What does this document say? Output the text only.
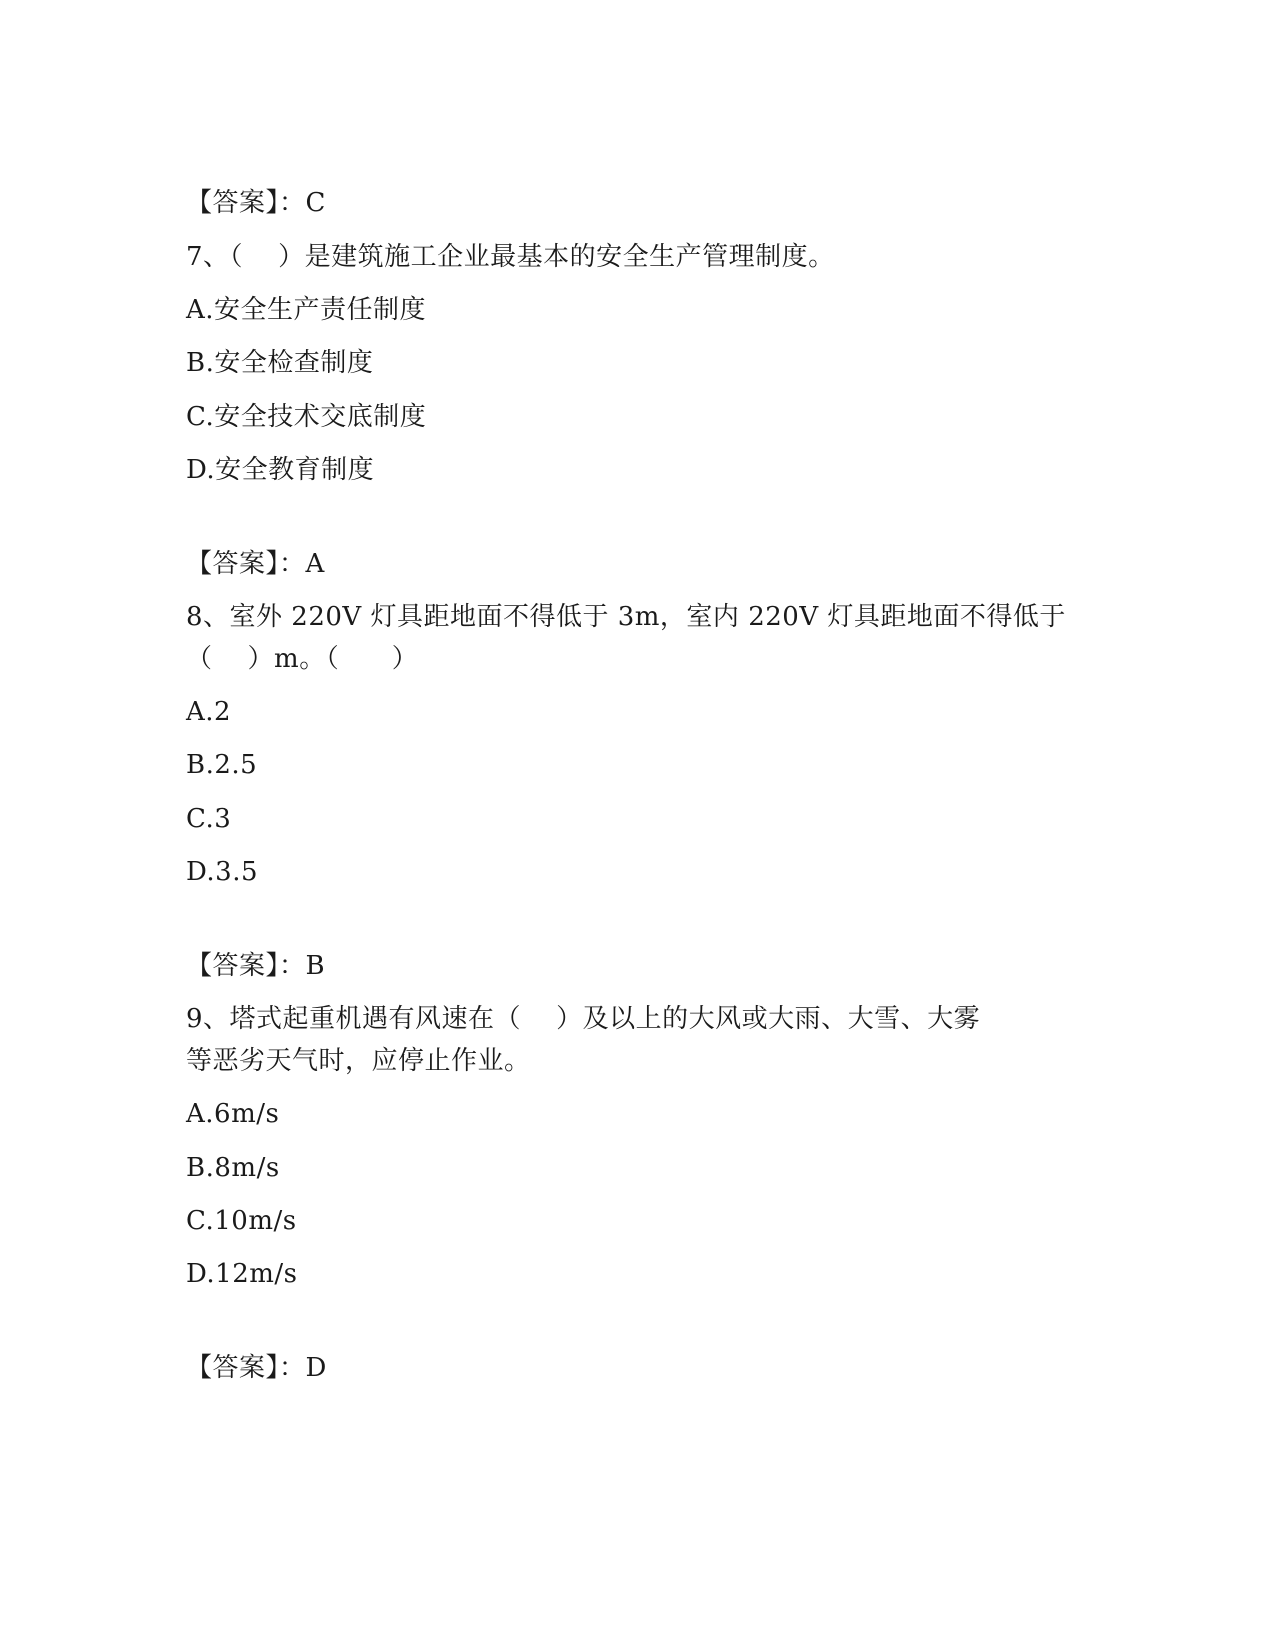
【答案】：C
7、（    ）是建筑施工企业最基本的安全生产管理制度。
A.安全生产责任制度
B.安全检查制度
C.安全技术交底制度
D.安全教育制度
【答案】：A
8、室外 220V 灯具距地面不得低于 3m，室内 220V 灯具距地面不得低于
（    ）m。（      ）
A.2
B.2.5
C.3
D.3.5
【答案】：B
9、塔式起重机遇有风速在（    ）及以上的大风或大雨、大雪、大雾
等恶劣天气时，应停止作业。
A.6m/s
B.8m/s
C.10m/s
D.12m/s
【答案】：D
